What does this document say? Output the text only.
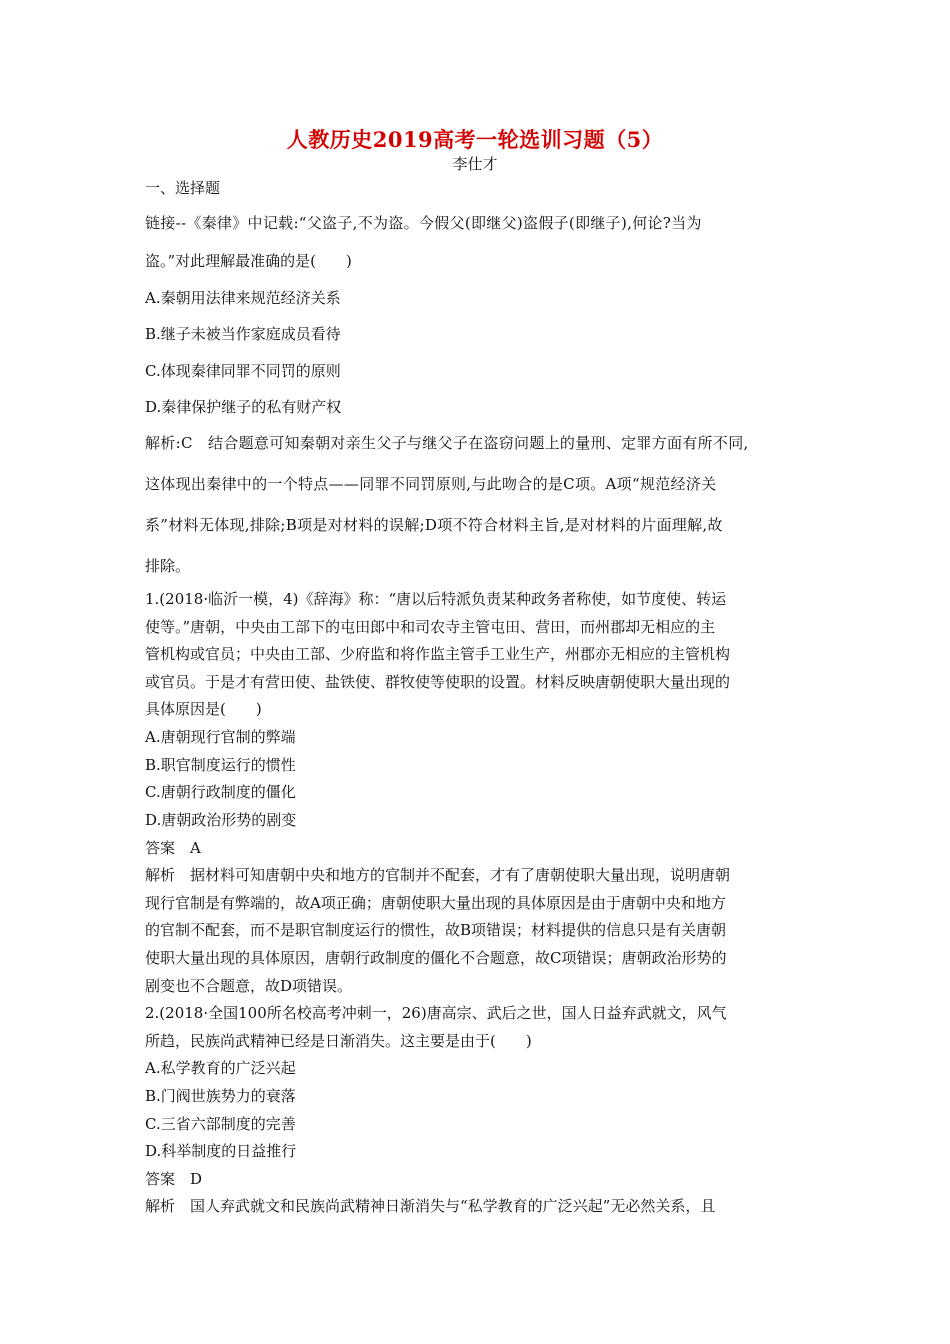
人教历史2019高考一轮选训习题（5）
李仕才
一、选择题
链接--《秦律》中记载:“父盗子,不为盗。今假父(即继父)盗假子(即继子),何论?当为
盗。”对此理解最准确的是(　　)
A.秦朝用法律来规范经济关系
B.继子未被当作家庭成员看待
C.体现秦律同罪不同罚的原则
D.秦律保护继子的私有财产权
解析:C　结合题意可知秦朝对亲生父子与继父子在盗窃问题上的量刑、定罪方面有所不同,
这体现出秦律中的一个特点——同罪不同罚原则,与此吻合的是C项。A项“规范经济关
系”材料无体现,排除;B项是对材料的误解;D项不符合材料主旨,是对材料的片面理解,故
排除。
1.(2018·临沂一模，4)《辞海》称：“唐以后特派负责某种政务者称使，如节度使、转运
使等。”唐朝，中央由工部下的屯田郎中和司农寺主管屯田、营田，而州郡却无相应的主
管机构或官员；中央由工部、少府监和将作监主管手工业生产，州郡亦无相应的主管机构
或官员。于是才有营田使、盐铁使、群牧使等使职的设置。材料反映唐朝使职大量出现的
具体原因是(　　)
A.唐朝现行官制的弊端
B.职官制度运行的惯性
C.唐朝行政制度的僵化
D.唐朝政治形势的剧变
答案　A
解析　据材料可知唐朝中央和地方的官制并不配套，才有了唐朝使职大量出现，说明唐朝
现行官制是有弊端的，故A项正确；唐朝使职大量出现的具体原因是由于唐朝中央和地方
的官制不配套，而不是职官制度运行的惯性，故B项错误；材料提供的信息只是有关唐朝
使职大量出现的具体原因，唐朝行政制度的僵化不合题意，故C项错误；唐朝政治形势的
剧变也不合题意，故D项错误。
2.(2018·全国100所名校高考冲刺一，26)唐高宗、武后之世，国人日益弃武就文，风气
所趋，民族尚武精神已经是日渐消失。这主要是由于(　　)
A.私学教育的广泛兴起
B.门阀世族势力的衰落
C.三省六部制度的完善
D.科举制度的日益推行
答案　D
解析　国人弃武就文和民族尚武精神日渐消失与“私学教育的广泛兴起”无必然关系，且
